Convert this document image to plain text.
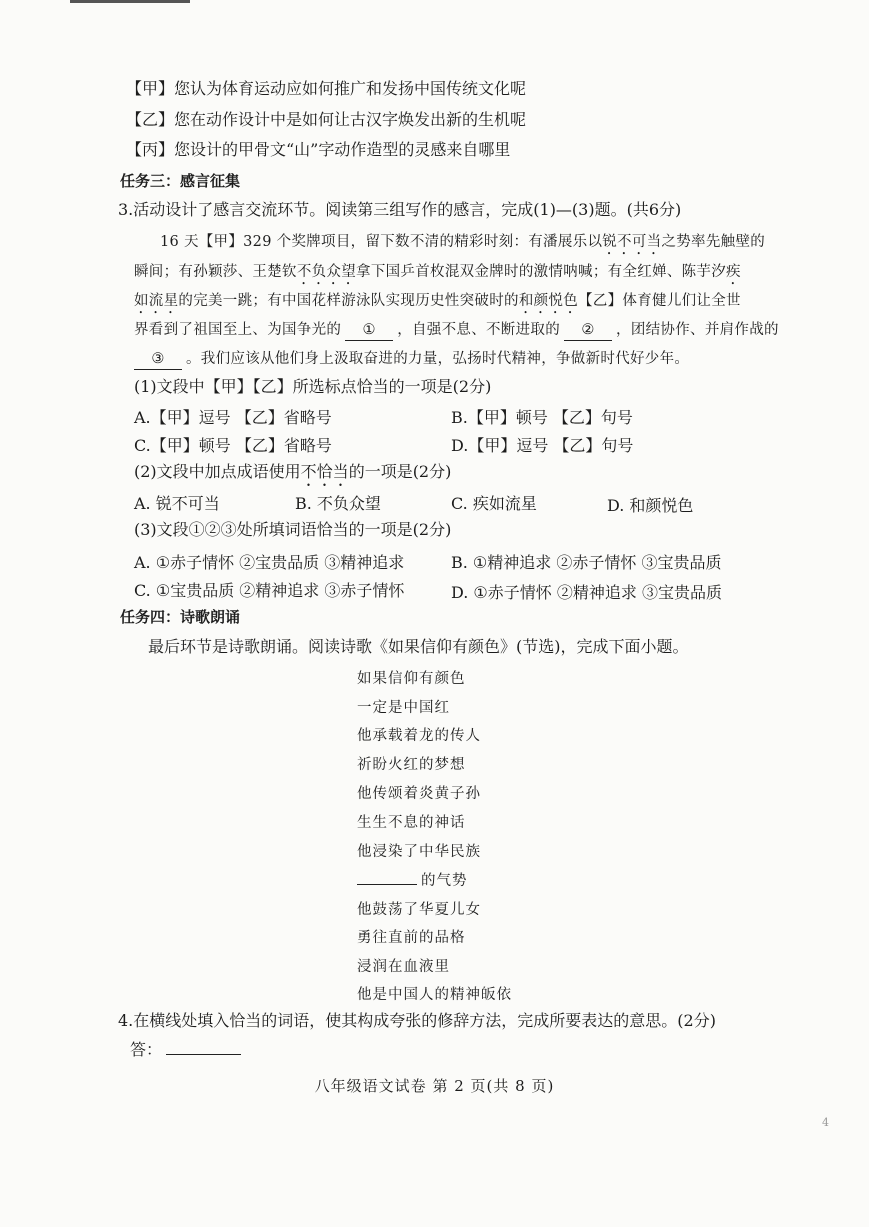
【甲】您认为体育运动应如何推广和发扬中国传统文化呢
【乙】您在动作设计中是如何让古汉字焕发出新的生机呢
【丙】您设计的甲骨文“山”字动作造型的灵感来自哪里
任务三：感言征集
3.活动设计了感言交流环节。阅读第三组写作的感言，完成(1)—(3)题。(共6分)
16 天【甲】329 个奖牌项目，留下数不清的精彩时刻：有潘展乐以锐不可当之势率先触壁的
瞬间；有孙颖莎、王楚钦不负众望拿下国乒首枚混双金牌时的激情呐喊；有全红婵、陈芋汐疾
如流星的完美一跳；有中国花样游泳队实现历史性突破时的和颜悦色【乙】体育健儿们让全世
界看到了祖国至上、为国争光的 ① ，自强不息、不断进取的 ② ，团结协作、并肩作战的
③ 。我们应该从他们身上汲取奋进的力量，弘扬时代精神，争做新时代好少年。
(1)文段中【甲】【乙】所选标点恰当的一项是(2分)
A.【甲】逗号 【乙】省略号	B.【甲】顿号 【乙】句号
C.【甲】顿号 【乙】省略号	D.【甲】逗号 【乙】句号
(2)文段中加点成语使用不恰当的一项是(2分)
A. 锐不可当	B. 不负众望	C. 疾如流星	D. 和颜悦色
(3)文段①②③处所填词语恰当的一项是(2分)
A. ①赤子情怀 ②宝贵品质 ③精神追求	B. ①精神追求 ②赤子情怀 ③宝贵品质
C. ①宝贵品质 ②精神追求 ③赤子情怀	D. ①赤子情怀 ②精神追求 ③宝贵品质
任务四：诗歌朗诵
最后环节是诗歌朗诵。阅读诗歌《如果信仰有颜色》(节选)，完成下面小题。
如果信仰有颜色
一定是中国红
他承载着龙的传人
祈盼火红的梦想
他传颂着炎黄子孙
生生不息的神话
他浸染了中华民族
的气势
他鼓荡了华夏儿女
勇往直前的品格
浸润在血液里
他是中国人的精神皈依
4.在横线处填入恰当的词语，使其构成夸张的修辞方法，完成所要表达的意思。(2分)
答：
八年级语文试卷 第 2 页(共 8 页)
4
